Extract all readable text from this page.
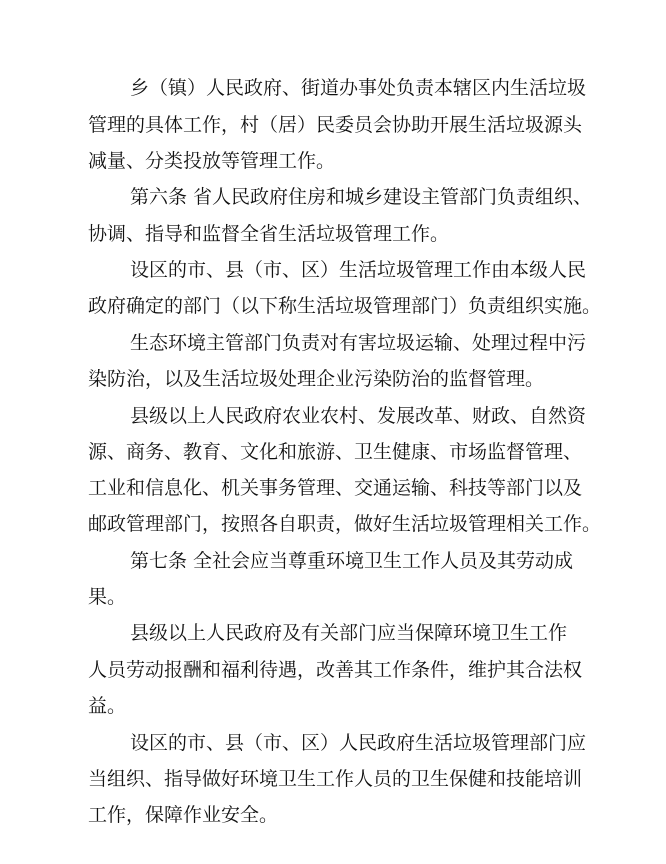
乡（镇）人民政府、街道办事处负责本辖区内生活垃圾

管理的具体工作，村（居）民委员会协助开展生活垃圾源头

减量、分类投放等管理工作。

第六条 省人民政府住房和城乡建设主管部门负责组织、

协调、指导和监督全省生活垃圾管理工作。

设区的市、县（市、区）生活垃圾管理工作由本级人民

政府确定的部门（以下称生活垃圾管理部门）负责组织实施。

生态环境主管部门负责对有害垃圾运输、处理过程中污

染防治，以及生活垃圾处理企业污染防治的监督管理。

县级以上人民政府农业农村、发展改革、财政、自然资

源、商务、教育、文化和旅游、卫生健康、市场监督管理、

工业和信息化、机关事务管理、交通运输、科技等部门以及

邮政管理部门，按照各自职责，做好生活垃圾管理相关工作。

第七条 全社会应当尊重环境卫生工作人员及其劳动成

果。

县级以上人民政府及有关部门应当保障环境卫生工作

人员劳动报酬和福利待遇，改善其工作条件，维护其合法权

益。

设区的市、县（市、区）人民政府生活垃圾管理部门应

当组织、指导做好环境卫生工作人员的卫生保健和技能培训

工作，保障作业安全。
